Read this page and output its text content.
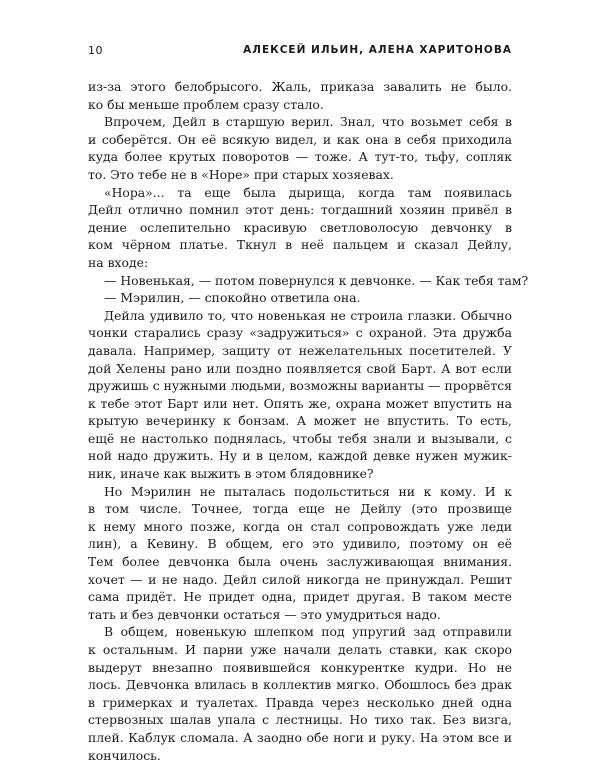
10	АЛЕКСЕЙ ИЛЬИН, АЛЕНА ХАРИТОНОВА
из-за этого белобрысого. Жаль, приказа завалить не было.
ко бы меньше проблем сразу стало.
Впрочем, Дейл в старшую верил. Знал, что возьмет себя в
и соберётся. Он её всякую видел, и как она в себя приходила
куда более крутых поворотов — тоже. А тут-то, тьфу, сопляк
то. Это тебе не в «Норе» при старых хозяевах.
«Нора»... та еще была дырища, когда там появилась
Дейл отлично помнил этот день: тогдашний хозяин привёл в
дение ослепительно красивую светловолосую девчонку в
ком чёрном платье. Ткнул в неё пальцем и сказал Дейлу,
на входе:
— Новенькая, — потом повернулся к девчонке. — Как тебя там?
— Мэрилин, — спокойно ответила она.
Дейла удивило то, что новенькая не строила глазки. Обычно
чонки старались сразу «задружиться» с охраной. Эта дружба
давала. Например, защиту от нежелательных посетителей. У
дой Хелены рано или поздно появляется свой Барт. А вот если
дружишь с нужными людьми, возможны варианты — прорвётся
к тебе этот Барт или нет. Опять же, охрана может впустить на
крытую вечеринку к бонзам. А может не впустить. То есть,
ещё не настолько поднялась, чтобы тебя знали и вызывали, с
ной надо дружить. Ну и в целом, каждой девке нужен мужик-
ник, иначе как выжить в этом блядовнике?
Но Мэрилин не пыталась подольститься ни к кому. И к
в том числе. Точнее, тогда еще не Дейлу (это прозвище
к нему много позже, когда он стал сопровождать уже леди
лин), а Кевину. В общем, его это удивило, поэтому он её
Тем более девчонка была очень заслуживающая внимания.
хочет — и не надо. Дейл силой никогда не принуждал. Решит
сама придёт. Не придет одна, придет другая. В таком месте
тать и без девчонки остаться — это умудриться надо.
В общем, новенькую шлепком под упругий зад отправили
к остальным. И парни уже начали делать ставки, как скоро
выдерут внезапно появившейся конкурентке кудри. Но не
лось. Девчонка влилась в коллектив мягко. Обошлось без драк
в гримерках и туалетах. Правда через несколько дней одна
стервозных шалав упала с лестницы. Но тихо так. Без визга,
плей. Каблук сломала. А заодно обе ноги и руку. На этом все и
кончилось.
